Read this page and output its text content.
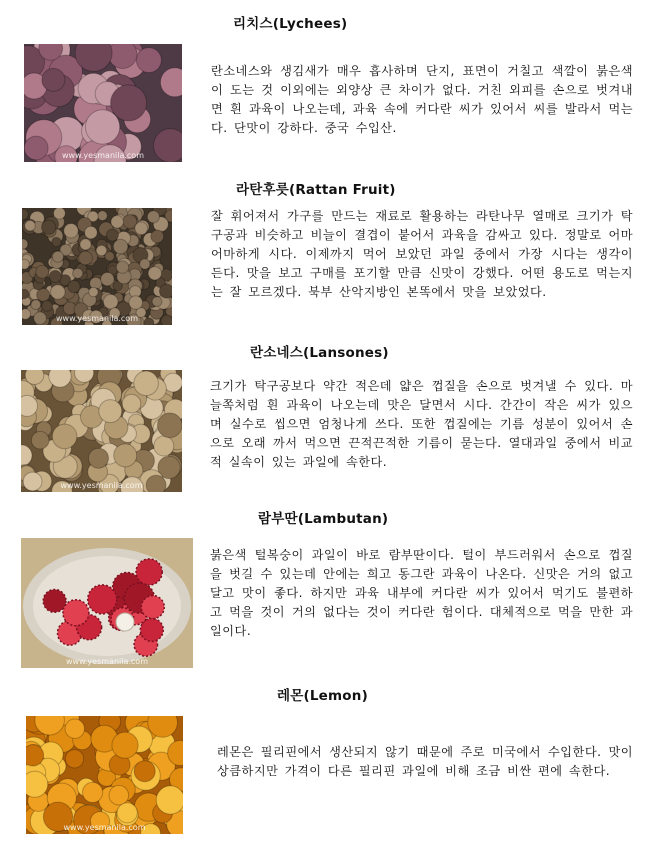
리치스(Lychees)
www.yesmanila.com
란소네스와 생김새가 매우 흡사하며 단지, 표면이 거칠고 색깔이 붉은색이 도는 것 이외에는 외양상 큰 차이가 없다. 거친 외피를 손으로 벗겨내면 흰 과육이 나오는데, 과육 속에 커다란 씨가 있어서 씨를 발라서 먹는다. 단맛이 강하다. 중국 수입산.
라탄후릇(Rattan Fruit)
www.yesmanila.com
잘 휘어져서 가구를 만드는 재료로 활용하는 라탄나무 열매로 크기가 탁구공과 비슷하고 비늘이 결겹이 붙어서 과육을 감싸고 있다. 정말로 어마어마하게 시다. 이제까지 먹어 보았던 과일 중에서 가장 시다는 생각이 든다. 맛을 보고 구매를 포기할 만큼 신맛이 강했다. 어떤 용도로 먹는지는 잘 모르겠다. 북부 산악지방인 본똑에서 맛을 보았었다.
란소네스(Lansones)
www.yesmanila.com
크기가 탁구공보다 약간 적은데 얇은 껍질을 손으로 벗겨낼 수 있다. 마늘쪽처럼 흰 과육이 나오는데 맛은 달면서 시다. 간간이 작은 씨가 있으며 실수로 씹으면 엄청나게 쓰다. 또한 껍질에는 기름 성분이 있어서 손으로 오래 까서 먹으면 끈적끈적한 기름이 묻는다. 열대과일 중에서 비교적 실속이 있는 과일에 속한다.
람부딴(Lambutan)
www.yesmanila.com
붉은색 털복숭이 과일이 바로 람부딴이다. 털이 부드러워서 손으로 껍질을 벗길 수 있는데 안에는 희고 동그란 과육이 나온다. 신맛은 거의 없고 달고 맛이 좋다. 하지만 과육 내부에 커다란 씨가 있어서 먹기도 불편하고 먹을 것이 거의 없다는 것이 커다란 험이다. 대체적으로 먹을 만한 과일이다.
레몬(Lemon)
www.yesmanila.com
레몬은 필리핀에서 생산되지 않기 때문에 주로 미국에서 수입한다. 맛이 상큼하지만 가격이 다른 필리핀 과일에 비해 조금 비싼 편에 속한다.
